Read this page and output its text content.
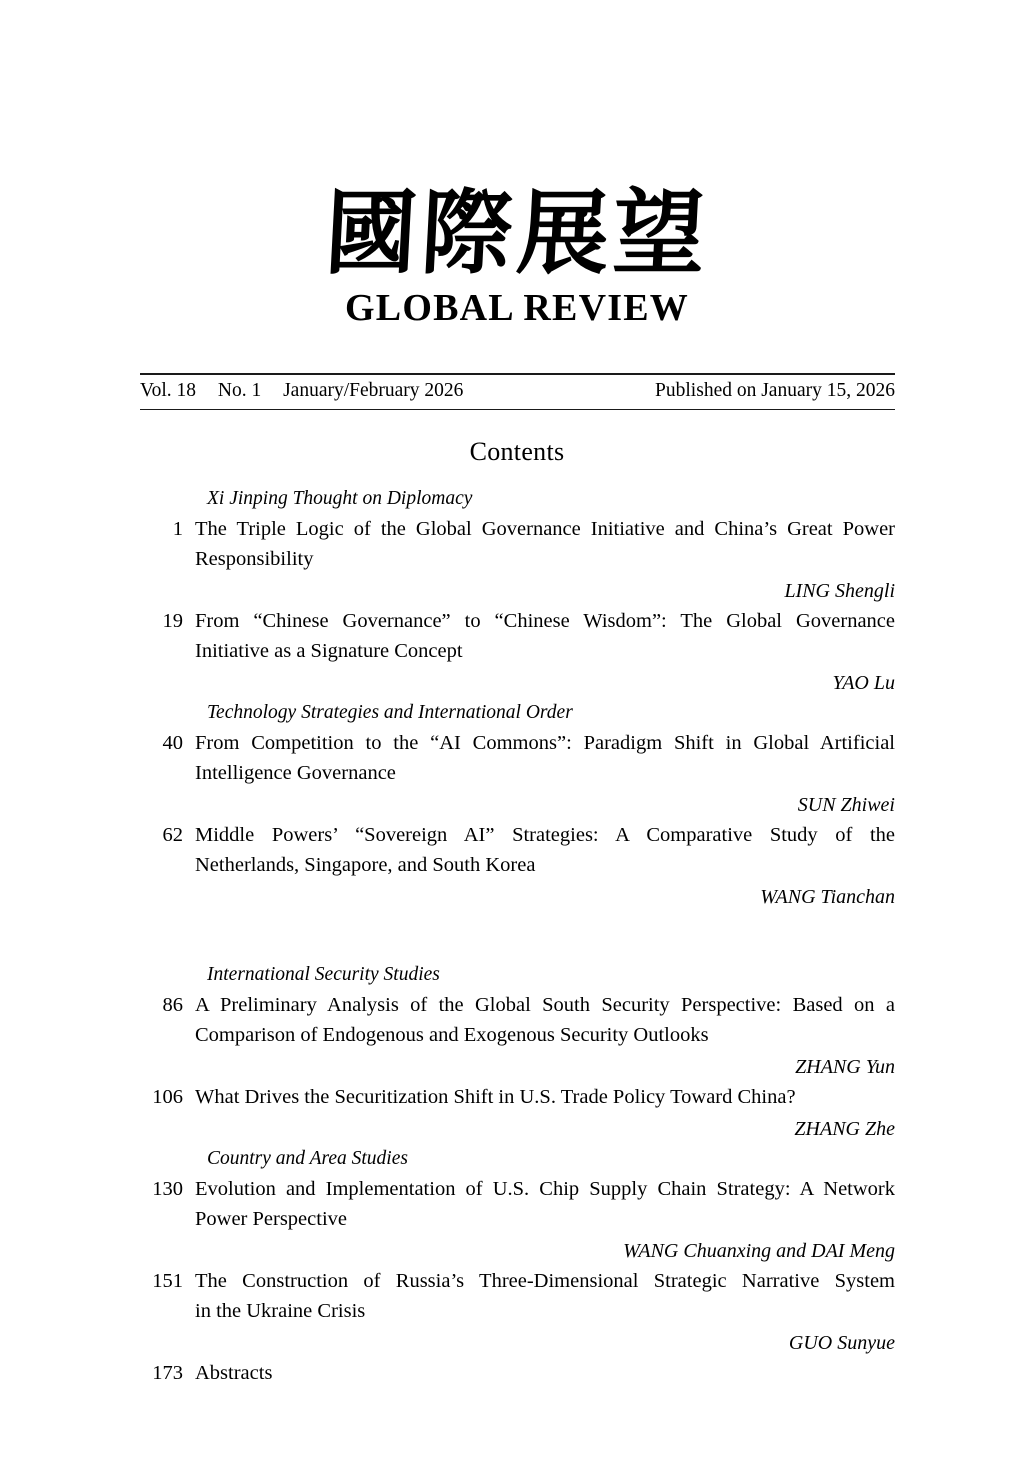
國際展望
GLOBAL REVIEW
Vol. 18 No. 1 January/February 2026	Published on January 15, 2026
Contents
Xi Jinping Thought on Diplomacy
1 The Triple Logic of the Global Governance Initiative and China’s Great Power
Responsibility
LING Shengli
19 From “Chinese Governance” to “Chinese Wisdom”: The Global Governance
Initiative as a Signature Concept
YAO Lu
Technology Strategies and International Order
40 From Competition to the “AI Commons”: Paradigm Shift in Global Artificial
Intelligence Governance
SUN Zhiwei
62 Middle Powers’ “Sovereign AI” Strategies: A Comparative Study of the
Netherlands, Singapore, and South Korea
WANG Tianchan
International Security Studies
86 A Preliminary Analysis of the Global South Security Perspective: Based on a
Comparison of Endogenous and Exogenous Security Outlooks
ZHANG Yun
106 What Drives the Securitization Shift in U.S. Trade Policy Toward China?
ZHANG Zhe
Country and Area Studies
130 Evolution and Implementation of U.S. Chip Supply Chain Strategy: A Network
Power Perspective
WANG Chuanxing and DAI Meng
151 The Construction of Russia’s Three-Dimensional Strategic Narrative System
in the Ukraine Crisis
GUO Sunyue
173 Abstracts
